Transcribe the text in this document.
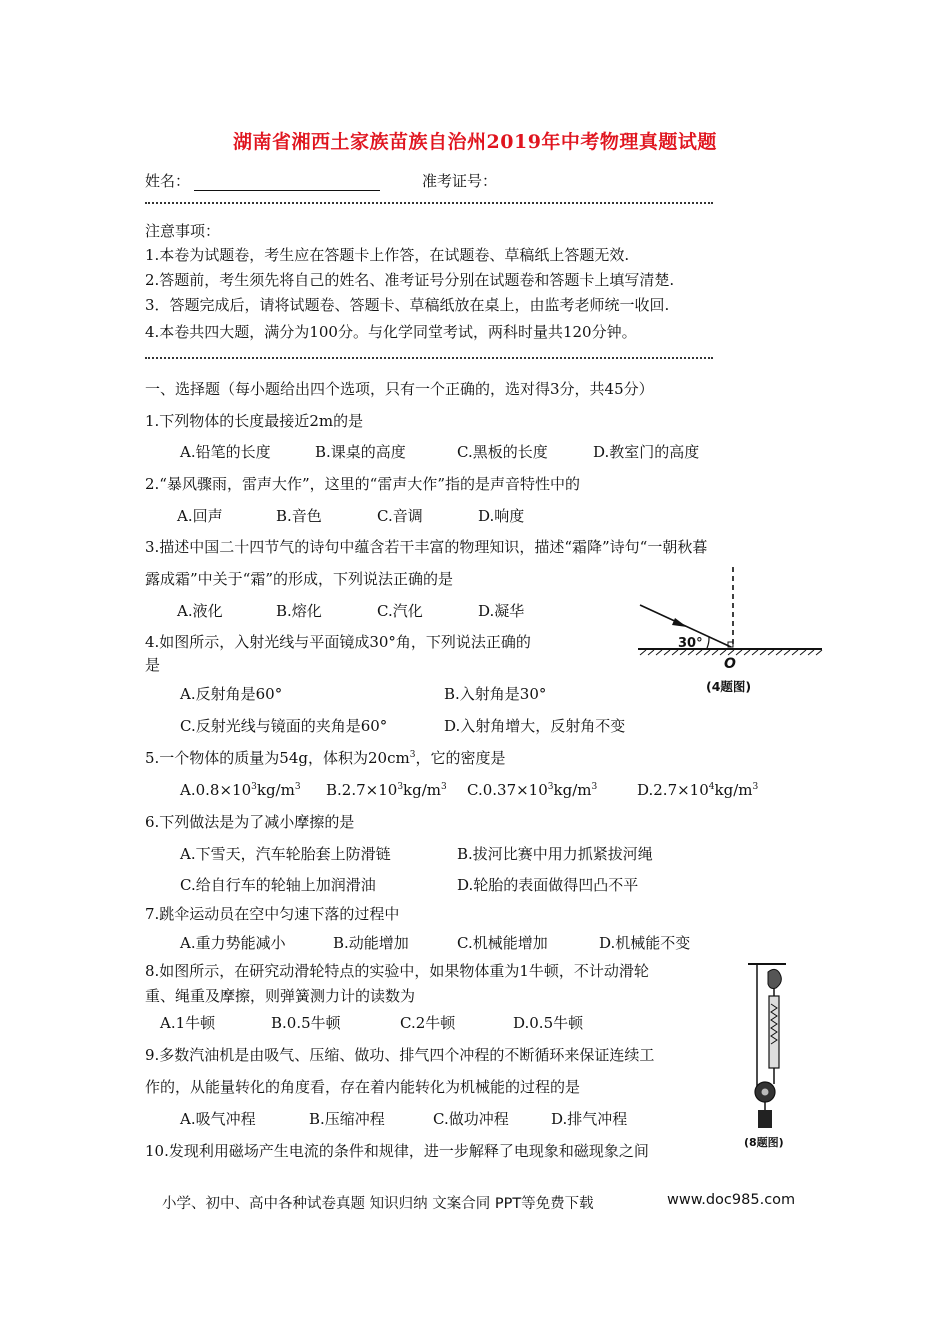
湖南省湘西土家族苗族自治州2019年中考物理真题试题
姓名：	准考证号：
注意事项：
1.本卷为试题卷，考生应在答题卡上作答，在试题卷、草稿纸上答题无效.
2.答题前，考生须先将自己的姓名、准考证号分别在试题卷和答题卡上填写清楚.
3．答题完成后，请将试题卷、答题卡、草稿纸放在桌上，由监考老师统一收回.
4.本卷共四大题，满分为100分。与化学同堂考试，两科时量共120分钟。
一、选择题（每小题给出四个选项，只有一个正确的，选对得3分，共45分）
1.下列物体的长度最接近2m的是
A.铅笔的长度	B.课桌的高度	C.黑板的长度	D.教室门的高度
2.“暴风骤雨，雷声大作”，这里的“雷声大作”指的是声音特性中的
A.回声	B.音色	C.音调	D.响度
3.描述中国二十四节气的诗句中蕴含若干丰富的物理知识，描述“霜降”诗句“一朝秋暮
露成霜”中关于“霜”的形成，下列说法正确的是
A.液化	B.熔化	C.汽化	D.凝华
30°
O
(4题图)
4.如图所示，入射光线与平面镜成30°角，下列说法正确的
是
A.反射角是60°	B.入射角是30°
C.反射光线与镜面的夹角是60°	D.入射角增大，反射角不变
5.一个物体的质量为54g，体积为$20cm^3$，它的密度是
$A.0.8\times 10^3kg/m^3$ $B.2.7\times 10^3kg/m^3$ $C.0.37\times 10^3kg/m^3$	$D.2.7\times 10^4kg/m^3$
6.下列做法是为了减小摩擦的是
A.下雪天，汽车轮胎套上防滑链	B.拔河比赛中用力抓紧拔河绳
C.给自行车的轮轴上加润滑油	D.轮胎的表面做得凹凸不平
7.跳伞运动员在空中匀速下落的过程中
A.重力势能减小	B.动能增加	C.机械能增加	D.机械能不变
(8题图)
8.如图所示，在研究动滑轮特点的实验中，如果物体重为1牛顿，不计动滑轮
重、绳重及摩擦，则弹簧测力计的读数为
A.1牛顿	B.0.5牛顿	C.2牛顿	D.0.5牛顿
9.多数汽油机是由吸气、压缩、做功、排气四个冲程的不断循环来保证连续工
作的，从能量转化的角度看，存在着内能转化为机械能的过程的是
A.吸气冲程	B.压缩冲程	C.做功冲程	D.排气冲程
10.发现利用磁场产生电流的条件和规律，进一步解释了电现象和磁现象之间
小学、初中、高中各种试卷真题 知识归纳 文案合同 PPT等免费下载	www.doc985.com
